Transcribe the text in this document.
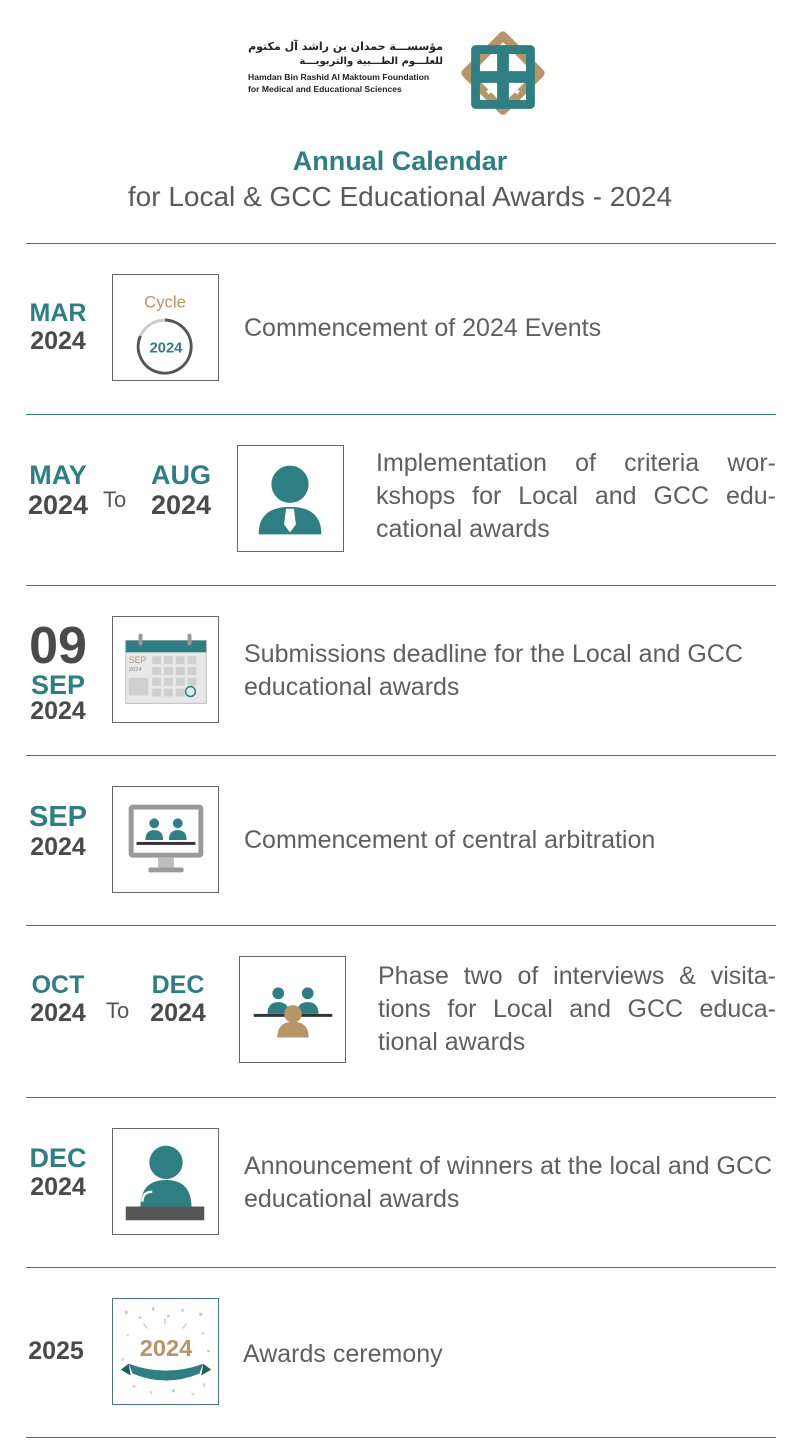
مؤسســـة حمدان بن راشد آل مكتوم
للعلـــوم الطـــبية والتربويـــة
Hamdan Bin Rashid Al Maktoum Foundation
for Medical and Educational Sciences
Annual Calendar
for Local & GCC Educational Awards - 2024
MAR
2024
Cycle
2024
Commencement of 2024 Events
MAY
2024 To
AUG
2024
Implementation of criteria wor-kshops for Local and GCC edu-cational awards
09
SEP
2024
SEP
2024
Submissions deadline for the Local and GCC educational awards
SEP
2024	Commencement of central arbitration
OCT
2024 To
DEC
2024
Phase two of interviews & visita-tions for Local and GCC educa-tional awards
DEC
2024
Announcement of winners at the local and GCC educational awards
2025	2024 Awards ceremony
